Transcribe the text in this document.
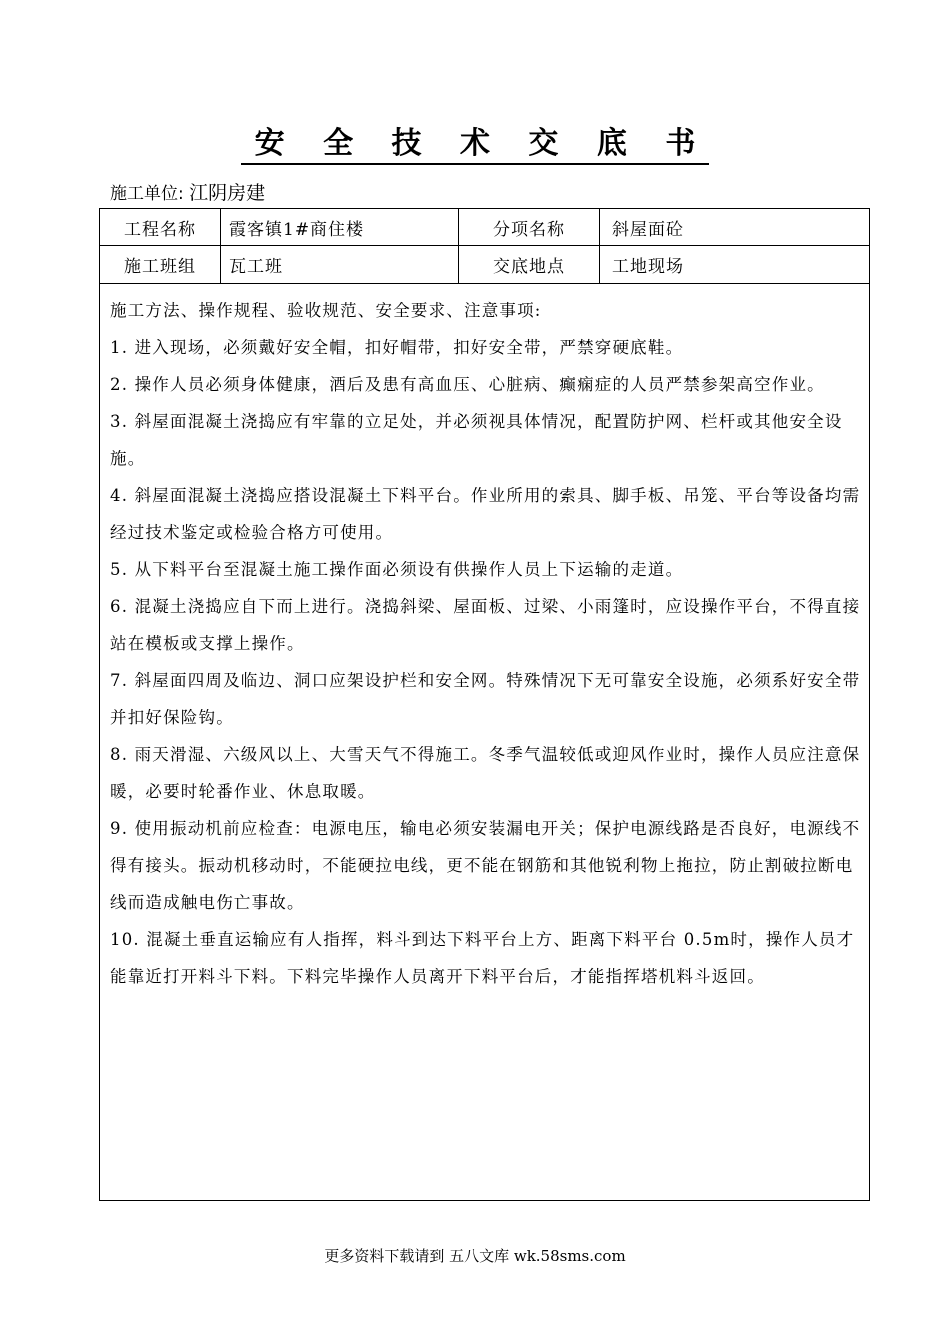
安 全 技 术 交 底 书
施工单位: 江阴房建
工程名称	霞客镇1#商住楼	分项名称	斜屋面砼
施工班组	瓦工班	交底地点	工地现场

施工方法、操作规程、验收规范、安全要求、注意事项:

1. 进入现场，必须戴好安全帽，扣好帽带，扣好安全带，严禁穿硬底鞋。

2. 操作人员必须身体健康，酒后及患有高血压、心脏病、癫痫症的人员严禁参架高空作业。

3. 斜屋面混凝土浇捣应有牢靠的立足处，并必须视具体情况，配置防护网、栏杆或其他安全设施。

4. 斜屋面混凝土浇捣应搭设混凝土下料平台。作业所用的索具、脚手板、吊笼、平台等设备均需经过技术鉴定或检验合格方可使用。

5. 从下料平台至混凝土施工操作面必须设有供操作人员上下运输的走道。

6. 混凝土浇捣应自下而上进行。浇捣斜梁、屋面板、过梁、小雨篷时，应设操作平台，不得直接站在模板或支撑上操作。

7. 斜屋面四周及临边、洞口应架设护栏和安全网。特殊情况下无可靠安全设施，必须系好安全带并扣好保险钩。

8. 雨天滑湿、六级风以上、大雪天气不得施工。冬季气温较低或迎风作业时，操作人员应注意保暖，必要时轮番作业、休息取暖。

9. 使用振动机前应检查：电源电压，输电必须安装漏电开关；保护电源线路是否良好，电源线不得有接头。振动机移动时，不能硬拉电线，更不能在钢筋和其他锐利物上拖拉，防止割破拉断电线而造成触电伤亡事故。

10. 混凝土垂直运输应有人指挥，料斗到达下料平台上方、距离下料平台 0.5m时，操作人员才能靠近打开料斗下料。下料完毕操作人员离开下料平台后，才能指挥塔机料斗返回。

更多资料下载请到 五八文库 wk.58sms.com
